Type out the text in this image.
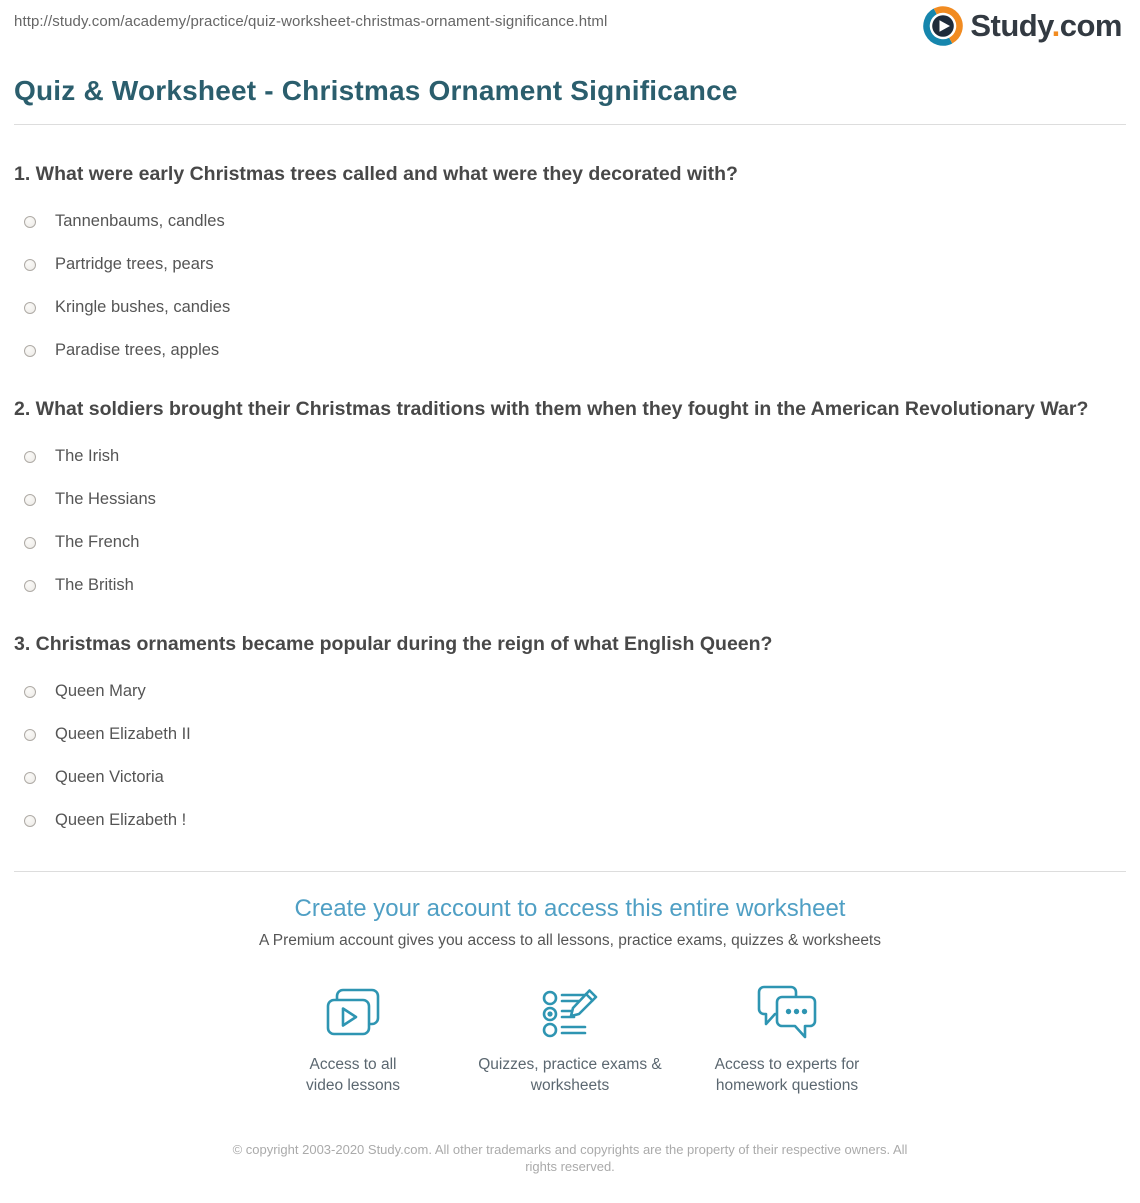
http://study.com/academy/practice/quiz-worksheet-christmas-ornament-significance.html	Study.com
Quiz & Worksheet - Christmas Ornament Significance
1. What were early Christmas trees called and what were they decorated with?
Tannenbaums, candles
Partridge trees, pears
Kringle bushes, candies
Paradise trees, apples
2. What soldiers brought their Christmas traditions with them when they fought in the American Revolutionary War?
The Irish
The Hessians
The French
The British
3. Christmas ornaments became popular during the reign of what English Queen?
Queen Mary
Queen Elizabeth II
Queen Victoria
Queen Elizabeth !
Create your account to access this entire worksheet
A Premium account gives you access to all lessons, practice exams, quizzes & worksheets
Access to all video lessons
Quizzes, practice exams & worksheets
Access to experts for homework questions
© copyright 2003-2020 Study.com. All other trademarks and copyrights are the property of their respective owners. All rights reserved.
